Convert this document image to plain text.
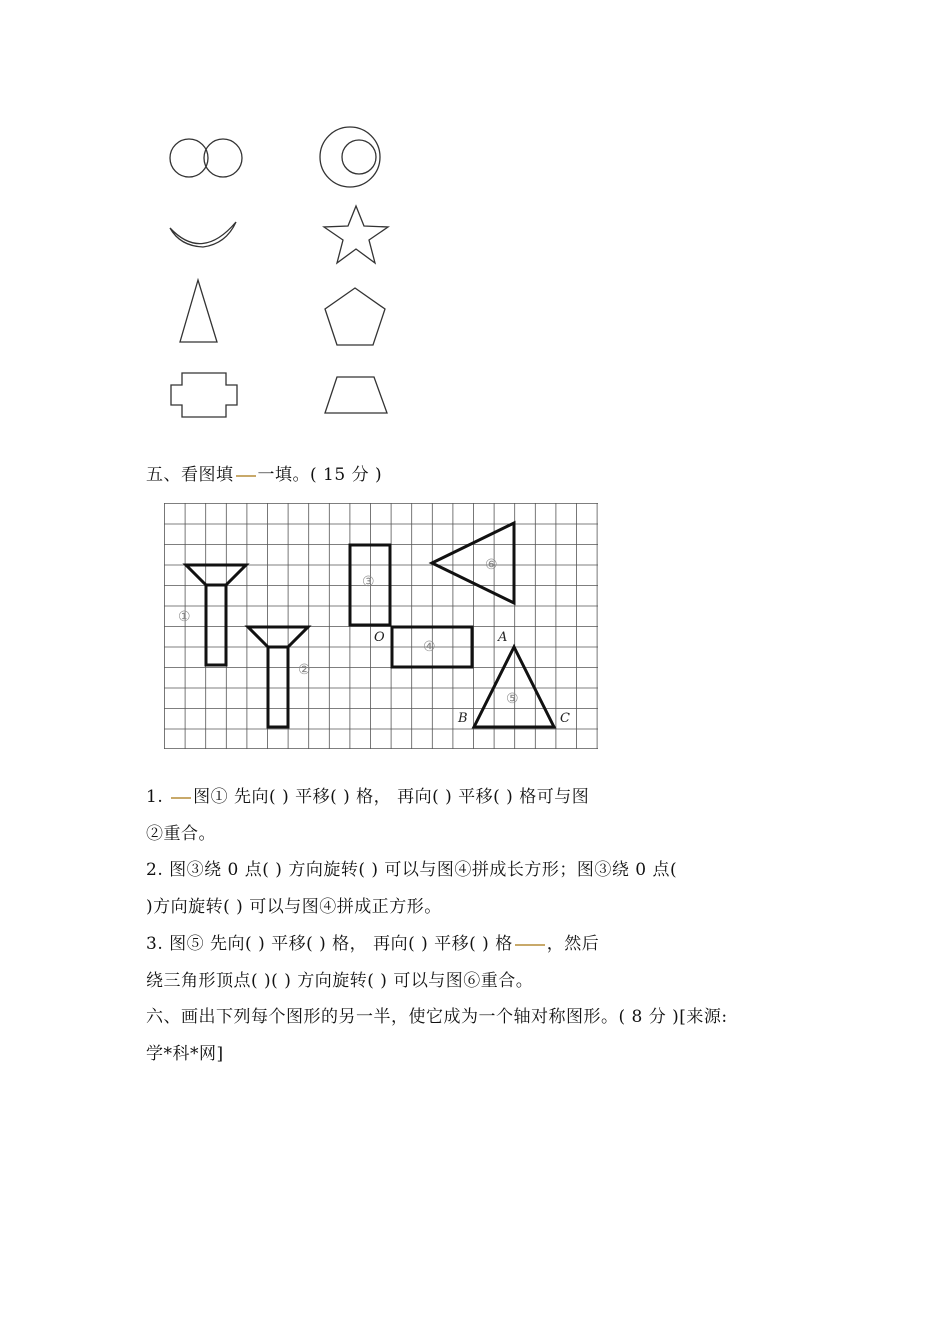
五、看图填 一填。( 15 分 )
①
②
③
④
⑤
⑥
O	A
B	C
1. 图① 先向( ) 平移( ) 格， 再向( ) 平移( ) 格可与图
②重合。
2. 图③绕 0 点( ) 方向旋转( ) 可以与图④拼成长方形；图③绕 0 点(
)方向旋转( ) 可以与图④拼成正方形。
3. 图⑤ 先向( ) 平移( ) 格， 再向( ) 平移( ) 格 ，然后
绕三角形顶点( )( ) 方向旋转( ) 可以与图⑥重合。
六、画出下列每个图形的另一半，使它成为一个轴对称图形。( 8 分 )[来源:
学*科*网]
